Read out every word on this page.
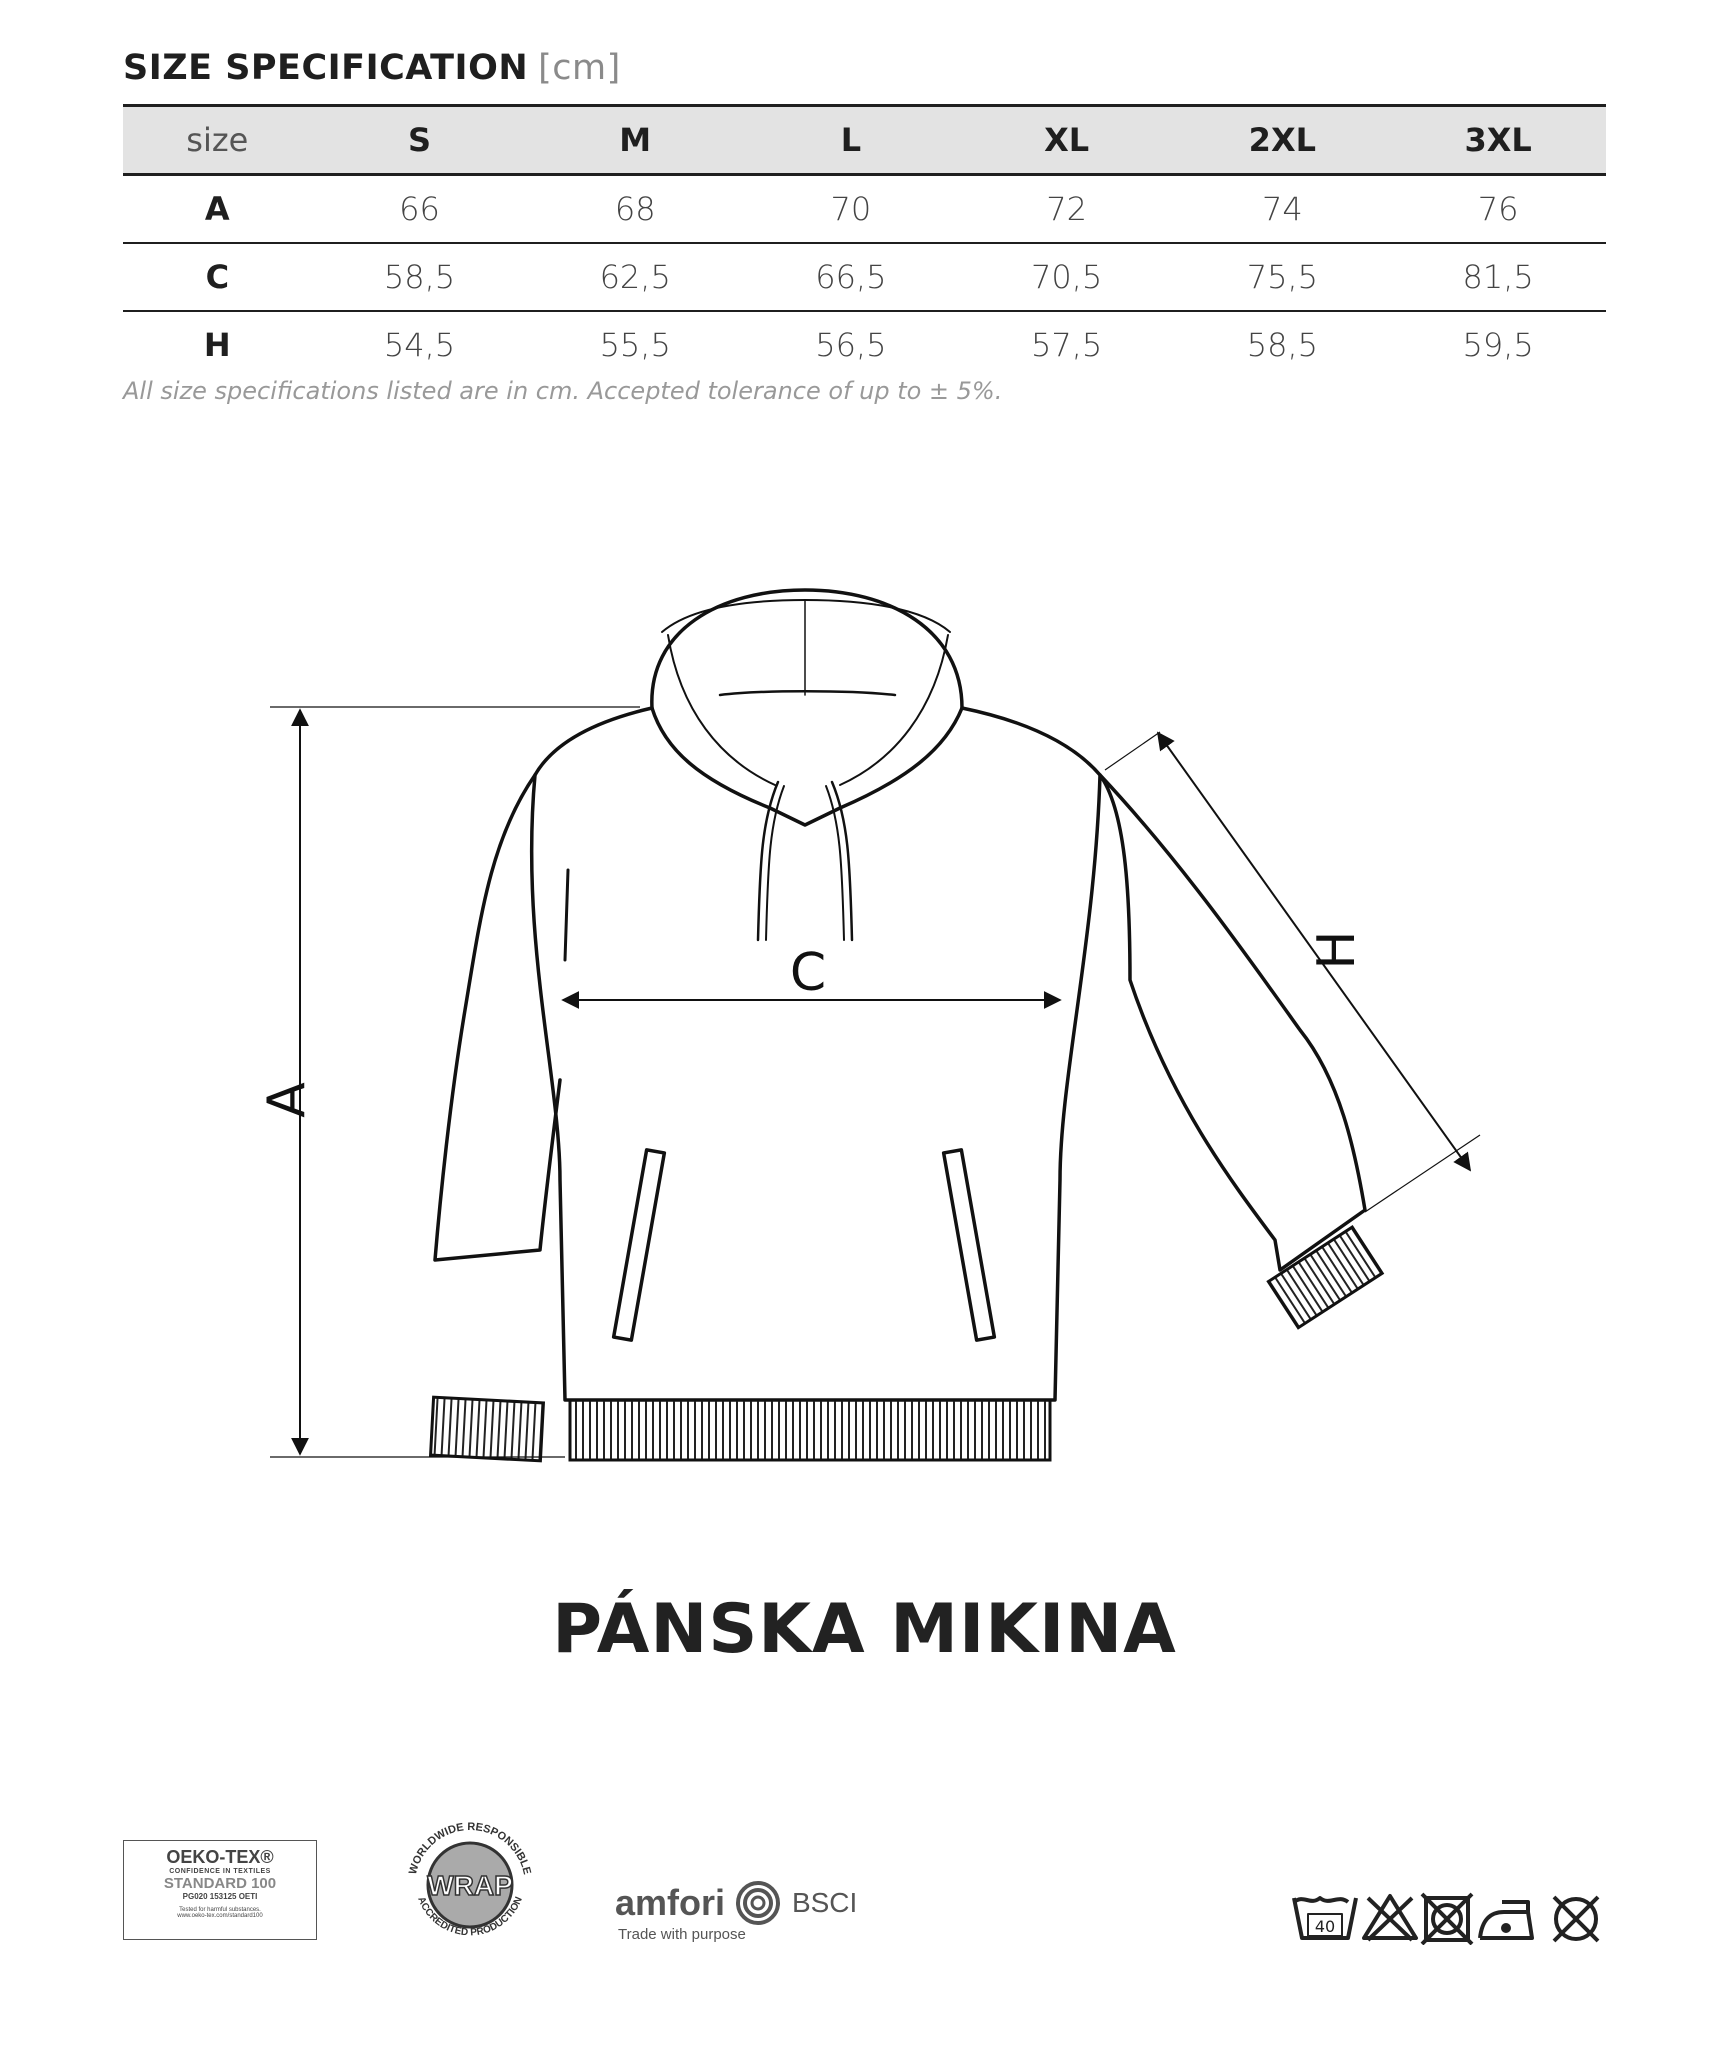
SIZE SPECIFICATION [cm]
size	S	M	L	XL	2XL	3XL
A	66	68	70	72	74	76
C	58,5	62,5	66,5	70,5	75,5	81,5
H	54,5	55,5	56,5	57,5	58,5	59,5
All size specifications listed are in cm. Accepted tolerance of up to ± 5%.
A
C	H
PÁNSKA MIKINA
OEKO-TEX®
CONFIDENCE IN TEXTILES
STANDARD 100
PG020 153125 OETI
Tested for harmful substances.
www.oeko-tex.com/standard100
WORLDWIDE RESPONSIBLE
ACCREDITED PRODUCTION
WRAP	amfori BSCI
Trade with purpose	40
